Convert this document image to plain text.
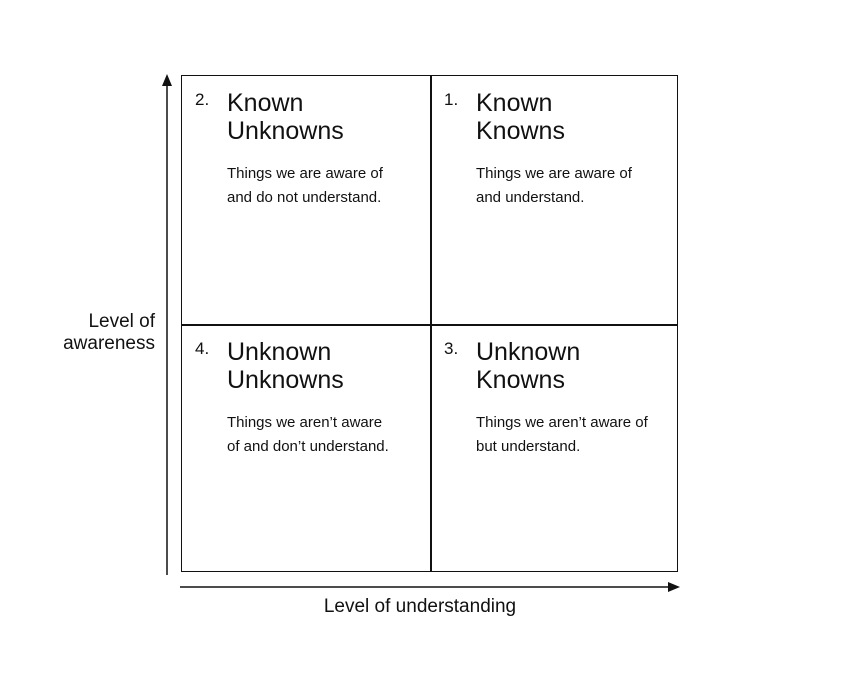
Level of
awareness
Level of understanding
2. Known
Unknowns
Things we are aware of
and do not understand.
1. Known
Knowns
Things we are aware of
and understand.
4. Unknown
Unknowns
Things we aren’t aware
of and don’t understand.
3. Unknown
Knowns
Things we aren’t aware of
but understand.
